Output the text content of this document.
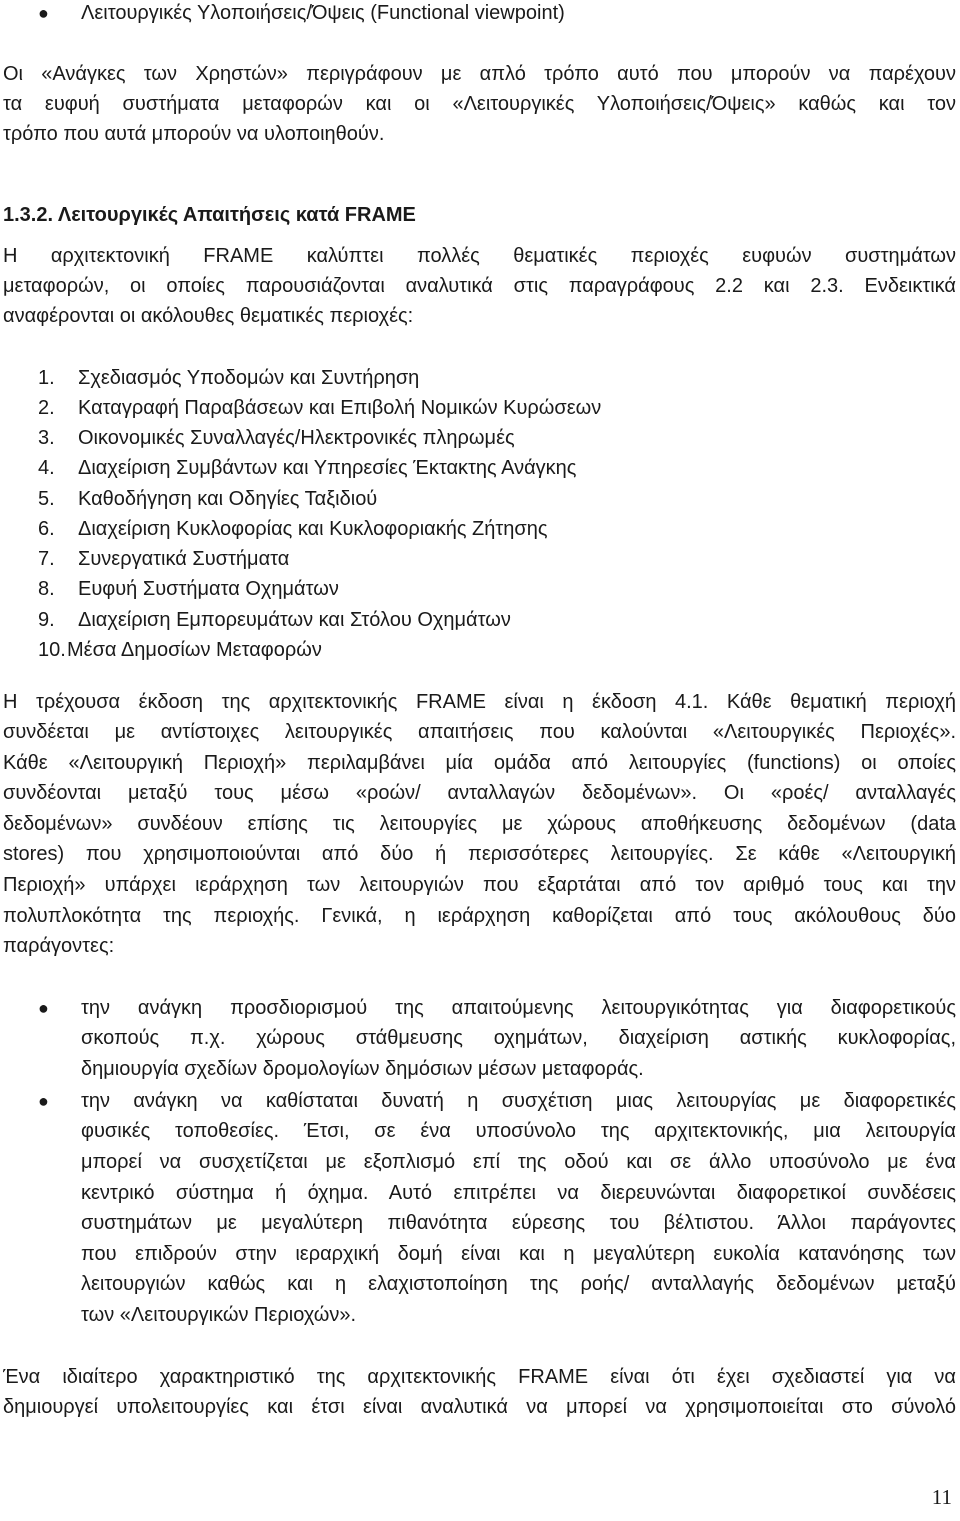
● Λειτουργικές Υλοποιήσεις/Όψεις (Functional viewpoint)
Οι «Ανάγκες των Χρηστών» περιγράφουν με απλό τρόπο αυτό που μπορούν να παρέχουν
τα ευφυή συστήματα μεταφορών και οι «Λειτουργικές Υλοποιήσεις/Όψεις» καθώς και τον
τρόπο που αυτά μπορούν να υλοποιηθούν.
1.3.2. Λειτουργικές Απαιτήσεις κατά FRAME
Η αρχιτεκτονική FRAME καλύπτει πολλές θεματικές περιοχές ευφυών συστημάτων
μεταφορών, οι οποίες παρουσιάζονται αναλυτικά στις παραγράφους 2.2 και 2.3. Ενδεικτικά
αναφέρονται οι ακόλουθες θεματικές περιοχές:
1. Σχεδιασμός Υποδομών και Συντήρηση
2. Καταγραφή Παραβάσεων και Επιβολή Νομικών Κυρώσεων
3. Οικονομικές Συναλλαγές/Ηλεκτρονικές πληρωμές
4. Διαχείριση Συμβάντων και Υπηρεσίες Έκτακτης Ανάγκης
5. Καθοδήγηση και Οδηγίες Ταξιδιού
6. Διαχείριση Κυκλοφορίας και Κυκλοφοριακής Ζήτησης
7. Συνεργατικά Συστήματα
8. Ευφυή Συστήματα Οχημάτων
9. Διαχείριση Εμπορευμάτων και Στόλου Οχημάτων
10. Μέσα Δημοσίων Μεταφορών
Η τρέχουσα έκδοση της αρχιτεκτονικής FRAME είναι η έκδοση 4.1. Κάθε θεματική περιοχή
συνδέεται με αντίστοιχες λειτουργικές απαιτήσεις που καλούνται «Λειτουργικές Περιοχές».
Κάθε «Λειτουργική Περιοχή» περιλαμβάνει μία ομάδα από λειτουργίες (functions) οι οποίες
συνδέονται μεταξύ τους μέσω «ροών/ ανταλλαγών δεδομένων». Οι «ροές/ ανταλλαγές
δεδομένων» συνδέουν επίσης τις λειτουργίες με χώρους αποθήκευσης δεδομένων (data
stores) που χρησιμοποιούνται από δύο ή περισσότερες λειτουργίες. Σε κάθε «Λειτουργική
Περιοχή» υπάρχει ιεράρχηση των λειτουργιών που εξαρτάται από τον αριθμό τους και την
πολυπλοκότητα της περιοχής. Γενικά, η ιεράρχηση καθορίζεται από τους ακόλουθους δύο
παράγοντες:
● την ανάγκη προσδιορισμού της απαιτούμενης λειτουργικότητας για διαφορετικούς
σκοπούς π.χ. χώρους στάθμευσης οχημάτων, διαχείριση αστικής κυκλοφορίας,
δημιουργία σχεδίων δρομολογίων δημόσιων μέσων μεταφοράς.
● την ανάγκη να καθίσταται δυνατή η συσχέτιση μιας λειτουργίας με διαφορετικές
φυσικές τοποθεσίες. Έτσι, σε ένα υποσύνολο της αρχιτεκτονικής, μια λειτουργία
μπορεί να συσχετίζεται με εξοπλισμό επί της οδού και σε άλλο υποσύνολο με ένα
κεντρικό σύστημα ή όχημα. Αυτό επιτρέπει να διερευνώνται διαφορετικοί συνδέσεις
συστημάτων με μεγαλύτερη πιθανότητα εύρεσης του βέλτιστου. Άλλοι παράγοντες
που επιδρούν στην ιεραρχική δομή είναι και η μεγαλύτερη ευκολία κατανόησης των
λειτουργιών καθώς και η ελαχιστοποίηση της ροής/ ανταλλαγής δεδομένων μεταξύ
των «Λειτουργικών Περιοχών».
Ένα ιδιαίτερο χαρακτηριστικό της αρχιτεκτονικής FRAME είναι ότι έχει σχεδιαστεί για να
δημιουργεί υπολειτουργίες και έτσι είναι αναλυτικά να μπορεί να χρησιμοποιείται στο σύνολό
11
